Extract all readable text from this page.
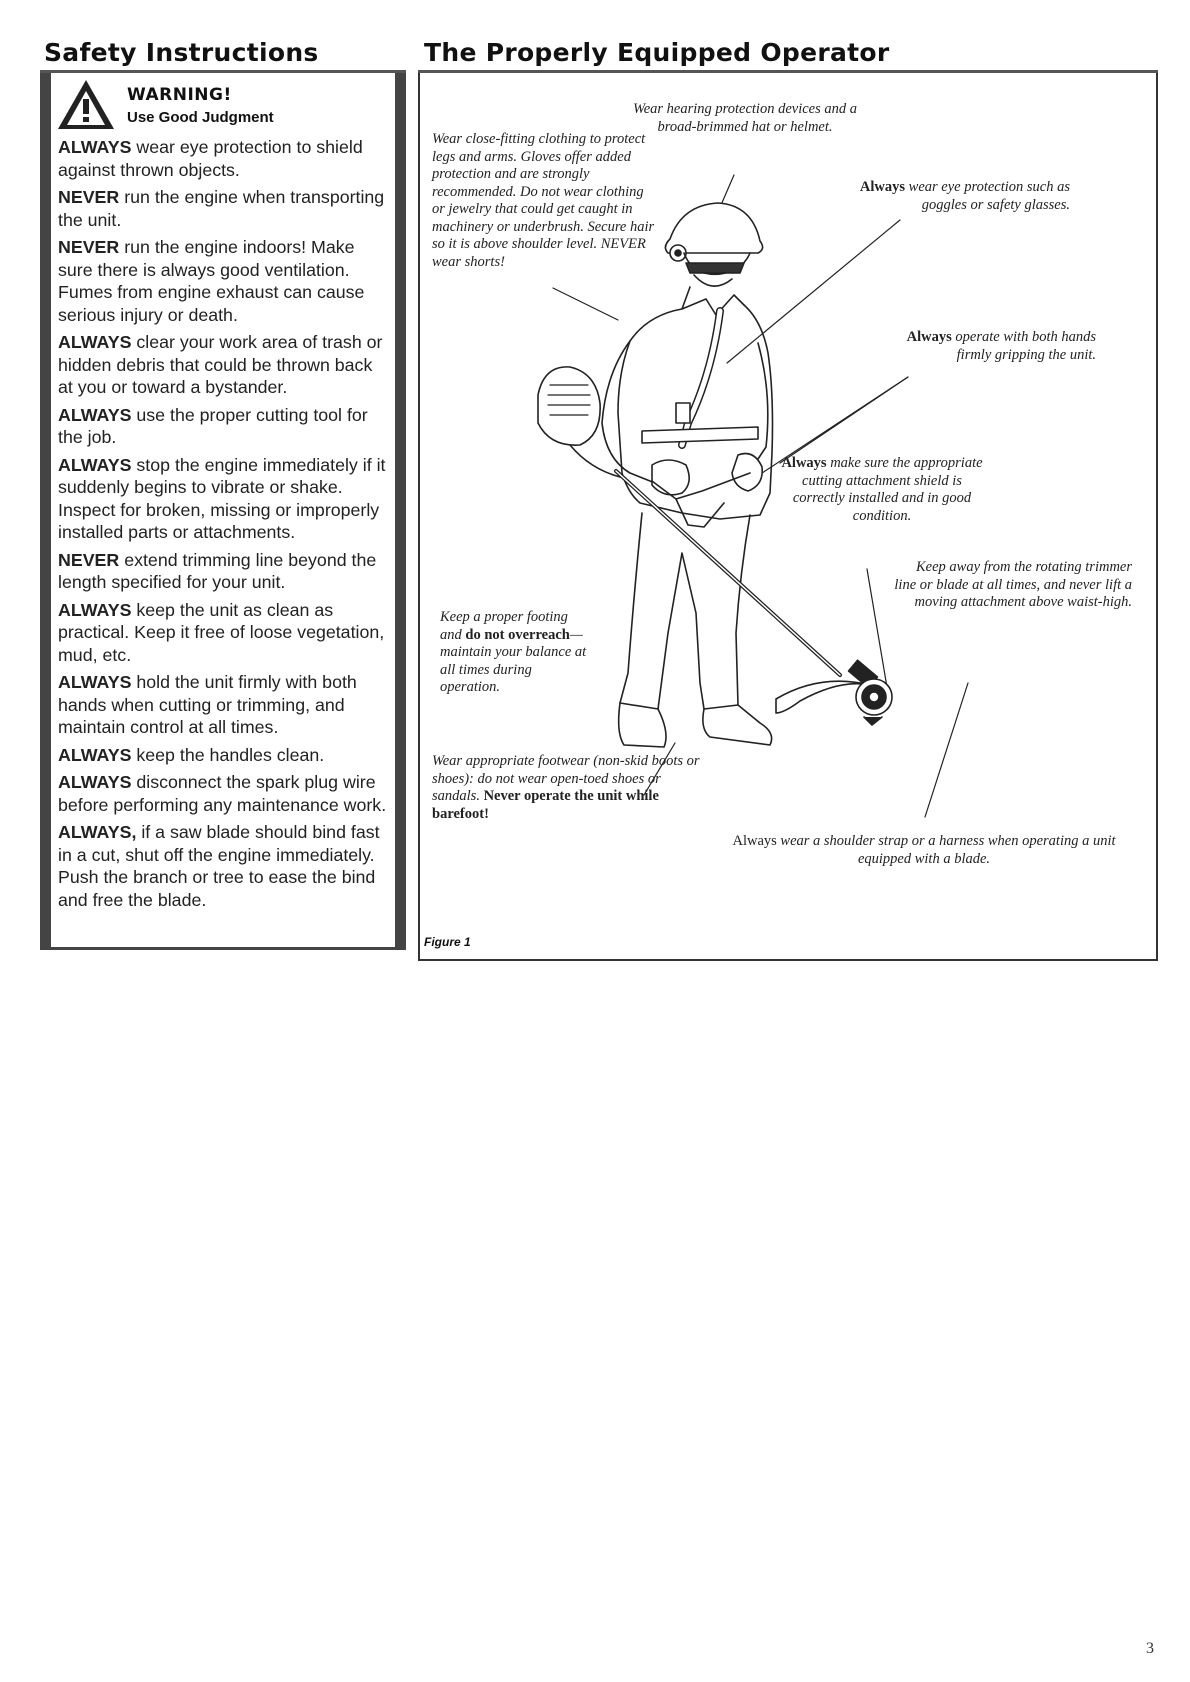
Safety Instructions	The Properly Equipped Operator
WARNING!
Use Good Judgment
ALWAYS wear eye protection to shield against thrown objects.
NEVER run the engine when transporting the unit.
NEVER run the engine indoors! Make sure there is always good ventilation. Fumes from engine exhaust can cause serious injury or death.
ALWAYS clear your work area of trash or hidden debris that could be thrown back at you or toward a bystander.
ALWAYS use the proper cutting tool for the job.
ALWAYS stop the engine immediately if it suddenly begins to vibrate or shake. Inspect for broken, missing or improperly installed parts or attachments.
NEVER extend trimming line beyond the length specified for your unit.
ALWAYS keep the unit as clean as practical. Keep it free of loose vegetation, mud, etc.
ALWAYS hold the unit firmly with both hands when cutting or trimming, and maintain control at all times.
ALWAYS keep the handles clean.
ALWAYS disconnect the spark plug wire before performing any maintenance work.
ALWAYS, if a saw blade should bind fast in a cut, shut off the engine immediately. Push the branch or tree to ease the bind and free the blade.
Wear hearing protection devices and a broad-brimmed hat or helmet.
Wear close-fitting clothing to protect legs and arms. Gloves offer added protection and are strongly recommended. Do not wear clothing or jewelry that could get caught in machinery or underbrush. Secure hair so it is above shoulder level. NEVER wear shorts!
Always wear eye protection such as goggles or safety glasses.
Always operate with both hands firmly gripping the unit.
Always make sure the appropriate cutting attachment shield is correctly installed and in good condition.
Keep away from the rotating trimmer line or blade at all times, and never lift a moving attachment above waist-high.
Keep a proper footing and do not overreach—maintain your balance at all times during operation.
Wear appropriate footwear (non-skid boots or shoes): do not wear open-toed shoes or sandals. Never operate the unit while barefoot!
Always wear a shoulder strap or a harness when operating a unit equipped with a blade.
Figure 1
3
